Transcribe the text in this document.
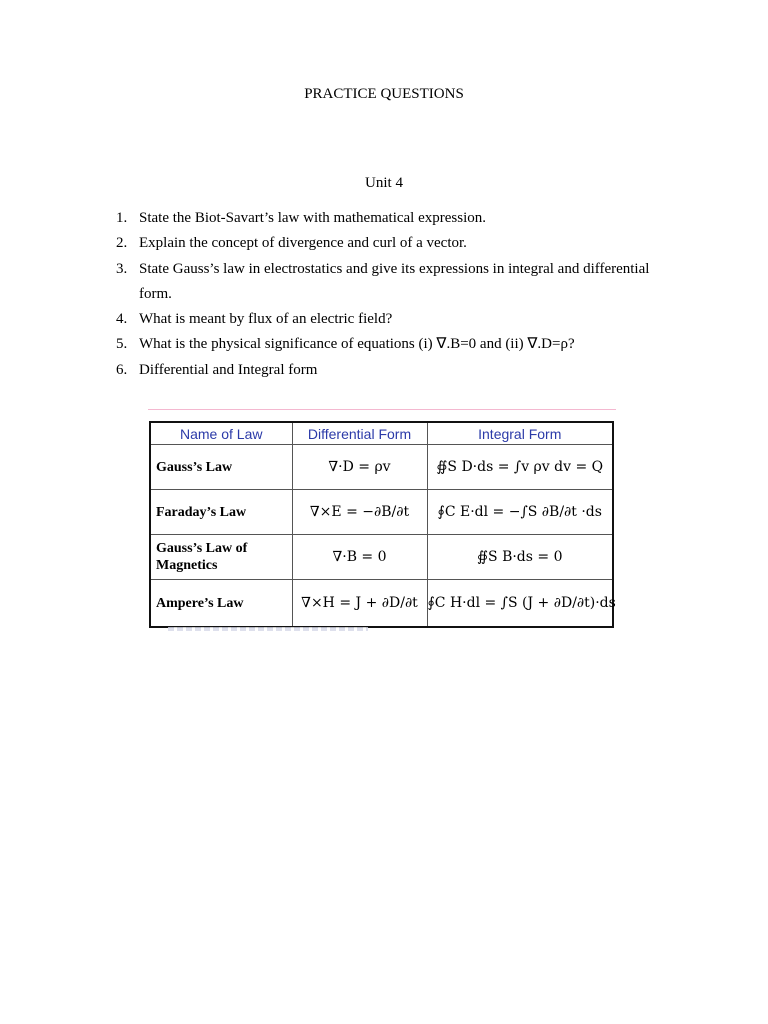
PRACTICE QUESTIONS
Unit 4
1. State the Biot-Savart’s law with mathematical expression.
2. Explain the concept of divergence and curl of a vector.
3. State Gauss’s law in electrostatics and give its expressions in integral and differential form.
4. What is meant by flux of an electric field?
5. What is the physical significance of equations (i) ∇.B=0 and (ii) ∇.D=ρ?
6. Differential and Integral form
Name of Law	Differential Form	Integral Form
Gauss’s Law	∇·D = ρv	∯S D·ds = ∫v ρv dv = Q
Faraday’s Law	∇×E = −∂B/∂t	∮C E·dl = −∫S ∂B/∂t ·ds
Gauss’s Law of Magnetics	∇·B = 0	∯S B·ds = 0
Ampere’s Law	∇×H = J + ∂D/∂t	∮C H·dl = ∫S (J + ∂D/∂t)·ds
